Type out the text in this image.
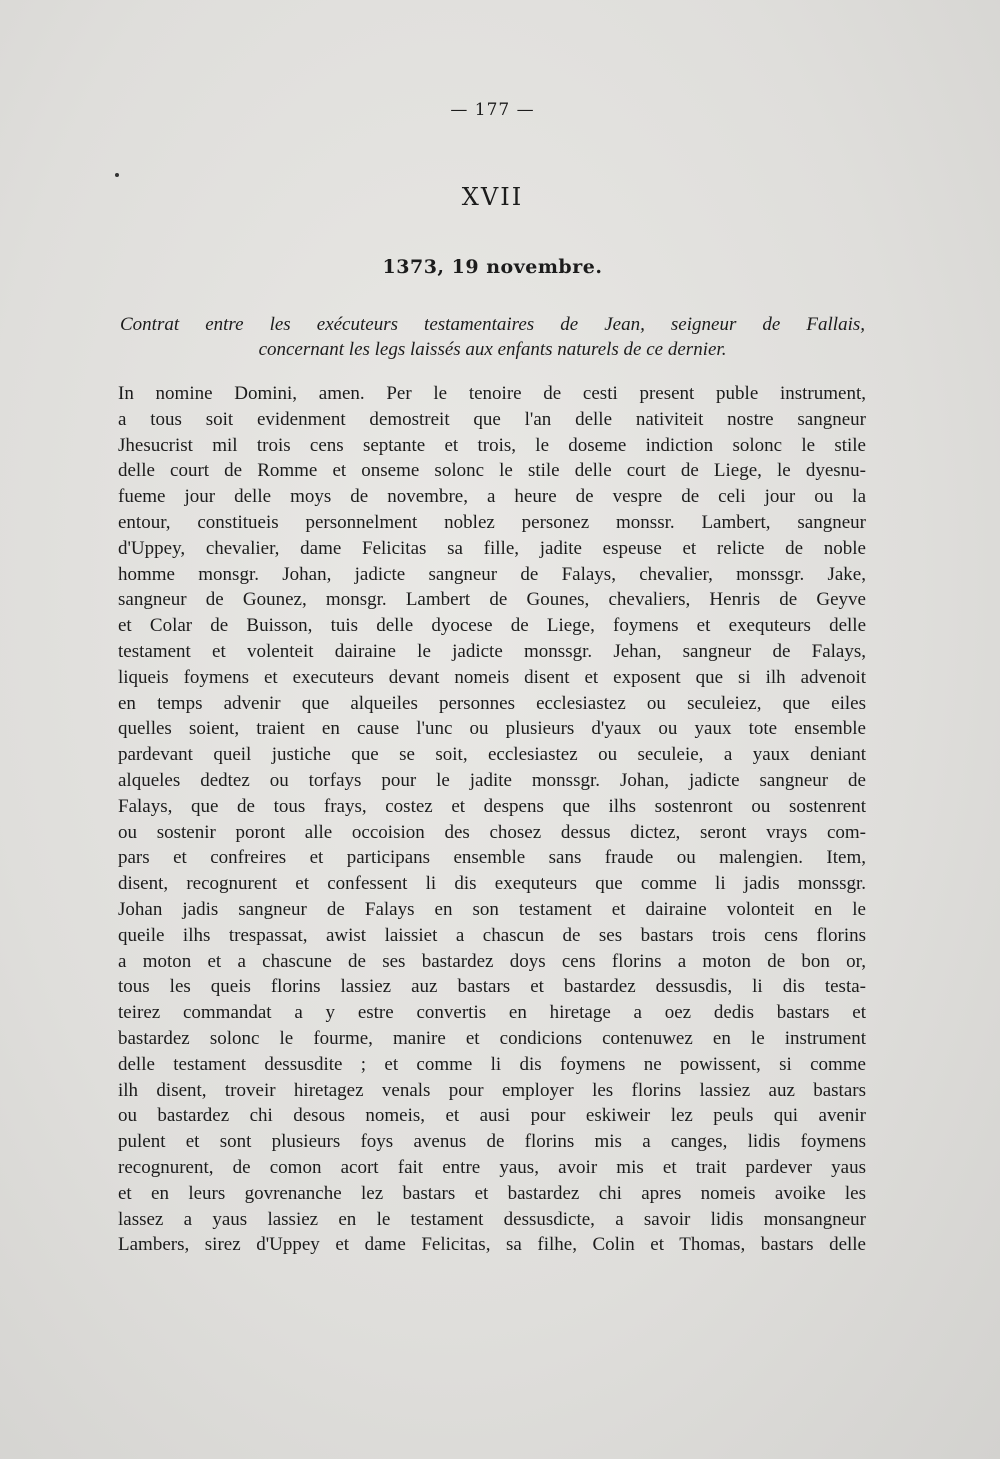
— 177 —
XVII
1373, 19 novembre.
Contrat entre les exécuteurs testamentaires de Jean, seigneur de Fallais,
concernant les legs laissés aux enfants naturels de ce dernier.
In nomine Domini, amen. Per le tenoire de cesti present puble instrument,
a tous soit evidenment demostreit que l'an delle nativiteit nostre sangneur
Jhesucrist mil trois cens septante et trois, le doseme indiction solonc le stile
delle court de Romme et onseme solonc le stile delle court de Liege, le dyesnu-
fueme jour delle moys de novembre, a heure de vespre de celi jour ou la
entour, constitueis personnelment noblez personez monssr. Lambert, sangneur
d'Uppey, chevalier, dame Felicitas sa fille, jadite espeuse et relicte de noble
homme monsgr. Johan, jadicte sangneur de Falays, chevalier, monssgr. Jake,
sangneur de Gounez, monsgr. Lambert de Gounes, chevaliers, Henris de Geyve
et Colar de Buisson, tuis delle dyocese de Liege, foymens et exequteurs delle
testament et volenteit dairaine le jadicte monssgr. Jehan, sangneur de Falays,
liqueis foymens et executeurs devant nomeis disent et exposent que si ilh advenoit
en temps advenir que alqueiles personnes ecclesiastez ou seculeiez, que eiles
quelles soient, traient en cause l'unc ou plusieurs d'yaux ou yaux tote ensemble
pardevant queil justiche que se soit, ecclesiastez ou seculeie, a yaux deniant
alqueles dedtez ou torfays pour le jadite monssgr. Johan, jadicte sangneur de
Falays, que de tous frays, costez et despens que ilhs sostenront ou sostenrent
ou sostenir poront alle occoision des chosez dessus dictez, seront vrays com-
pars et confreires et participans ensemble sans fraude ou malengien. Item,
disent, recognurent et confessent li dis exequteurs que comme li jadis monssgr.
Johan jadis sangneur de Falays en son testament et dairaine volonteit en le
queile ilhs trespassat, awist laissiet a chascun de ses bastars trois cens florins
a moton et a chascune de ses bastardez doys cens florins a moton de bon or,
tous les queis florins lassiez auz bastars et bastardez dessusdis, li dis testa-
teirez commandat a y estre convertis en hiretage a oez dedis bastars et
bastardez solonc le fourme, manire et condicions contenuwez en le instrument
delle testament dessusdite ; et comme li dis foymens ne powissent, si comme
ilh disent, troveir hiretagez venals pour employer les florins lassiez auz bastars
ou bastardez chi desous nomeis, et ausi pour eskiweir lez peuls qui avenir
pulent et sont plusieurs foys avenus de florins mis a canges, lidis foymens
recognurent, de comon acort fait entre yaus, avoir mis et trait pardever yaus
et en leurs govrenanche lez bastars et bastardez chi apres nomeis avoike les
lassez a yaus lassiez en le testament dessusdicte, a savoir lidis monsangneur
Lambers, sirez d'Uppey et dame Felicitas, sa filhe, Colin et Thomas, bastars delle
